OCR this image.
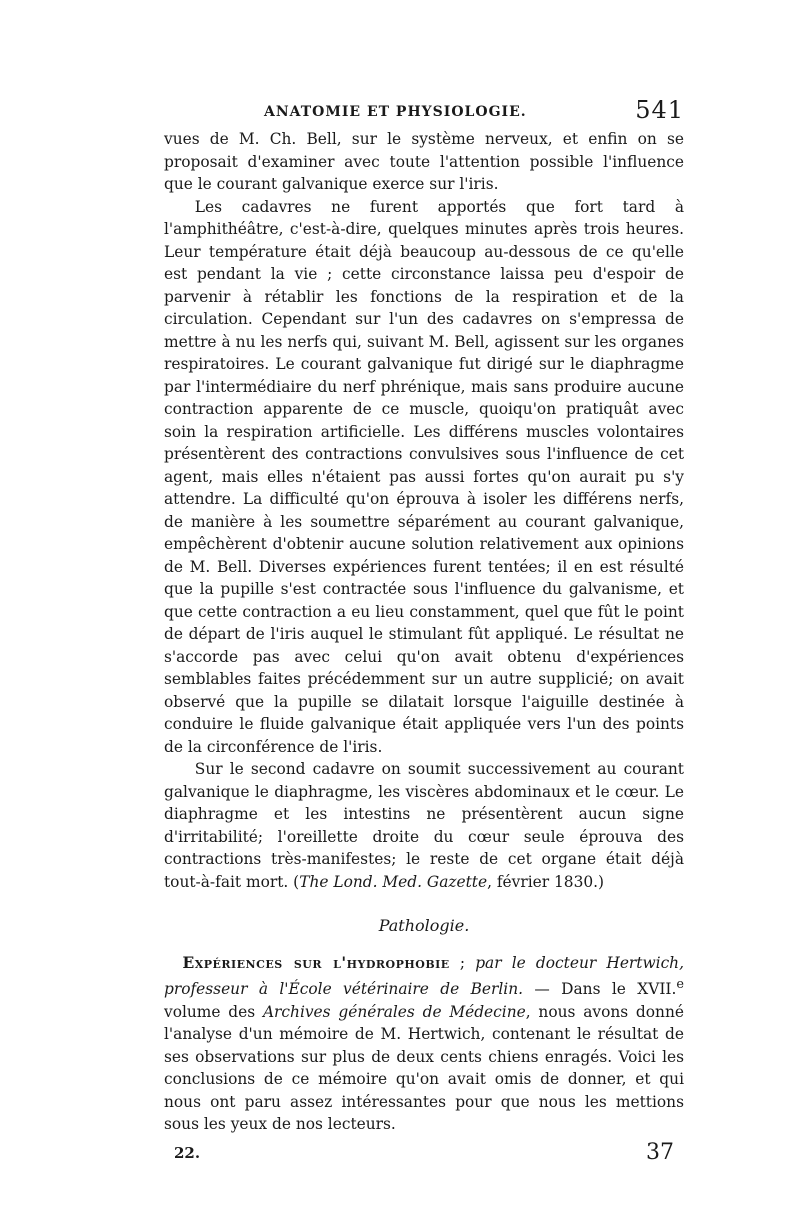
ANATOMIE ET PHYSIOLOGIE.	541

vues de M. Ch. Bell, sur le système nerveux, et enfin on se proposait d'examiner avec toute l'attention possible l'influence que le courant galvanique exerce sur l'iris.

Les cadavres ne furent apportés que fort tard à l'amphithéâtre, c'est-à-dire, quelques minutes après trois heures. Leur température était déjà beaucoup au-dessous de ce qu'elle est pendant la vie ; cette circonstance laissa peu d'espoir de parvenir à rétablir les fonctions de la respiration et de la circulation. Cependant sur l'un des cadavres on s'empressa de mettre à nu les nerfs qui, suivant M. Bell, agissent sur les organes respiratoires. Le courant galvanique fut dirigé sur le diaphragme par l'intermédiaire du nerf phrénique, mais sans produire aucune contraction apparente de ce muscle, quoiqu'on pratiquât avec soin la respiration artificielle. Les différens muscles volontaires présentèrent des contractions convulsives sous l'influence de cet agent, mais elles n'étaient pas aussi fortes qu'on aurait pu s'y attendre. La difficulté qu'on éprouva à isoler les différens nerfs, de manière à les soumettre séparément au courant galvanique, empêchèrent d'obtenir aucune solution relativement aux opinions de M. Bell. Diverses expériences furent tentées; il en est résulté que la pupille s'est contractée sous l'influence du galvanisme, et que cette contraction a eu lieu constamment, quel que fût le point de départ de l'iris auquel le stimulant fût appliqué. Le résultat ne s'accorde pas avec celui qu'on avait obtenu d'expériences semblables faites précédemment sur un autre supplicié; on avait observé que la pupille se dilatait lorsque l'aiguille destinée à conduire le fluide galvanique était appliquée vers l'un des points de la circonférence de l'iris.

Sur le second cadavre on soumit successivement au courant galvanique le diaphragme, les viscères abdominaux et le cœur. Le diaphragme et les intestins ne présentèrent aucun signe d'irritabilité; l'oreillette droite du cœur seule éprouva des contractions très-manifestes; le reste de cet organe était déjà tout-à-fait mort. (The Lond. Med. Gazette, février 1830.)

Pathologie.

Expériences sur l'hydrophobie ; par le docteur Hertwich, professeur à l'École vétérinaire de Berlin. — Dans le XVII.$^e$ volume des Archives générales de Médecine, nous avons donné l'analyse d'un mémoire de M. Hertwich, contenant le résultat de ses observations sur plus de deux cents chiens enragés. Voici les conclusions de ce mémoire qu'on avait omis de donner, et qui nous ont paru assez intéressantes pour que nous les mettions sous les yeux de nos lecteurs.

22.	37
